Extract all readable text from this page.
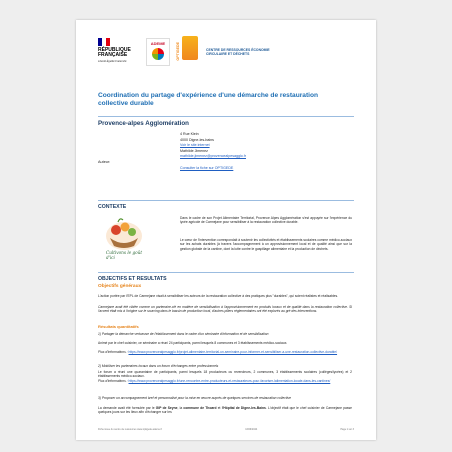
RÉPUBLIQUE
FRANÇAISE
Liberté Égalité Fraternité
ADEME	OPTIGEDE	CENTRE DE RESSOURCES ÉCONOMIE
CIRCULAIRE ET DÉCHETS
Coordination du partage d'expérience d'une démarche de restauration collective durable
Provence-alpes Agglomération
4 Rue Klein
4000 Digne-les-bains
Voir le site internet
Mathilde Jimenez
mathilde.jimenez@provencealpesagglo.fr
Consulter la fiche sur OPTIGEDE
Auteur:
CONTEXTE
Cultivons le goût d'ici

Dans le cadre de son Projet Alimentaire Territorial, Provence Alpes Agglomération s'est appuyée sur l'expérience du lycée agricole de Carmejane pour sensibiliser à la restauration collective durable.

Le cœur de l'intervention correspondait à soutenir les collectivités et établissements scolaires comme médico-sociaux sur les achats durables (à travers l'accompagnement à un approvisionnement local et de qualité ainsi que sur la gestion globale de la cantine, dont la lutte contre le gaspillage alimentaire et la production de déchets.

OBJECTIFS ET RESULTATS
Objectifs généraux

L'action portée par l'EPL de Carmejane visait à sensibiliser les acteurs de la restauration collective à des pratiques plus "durables", qui soient réalistes et réalisables.

Carmejane avait été ciblée comme un partenaire-clé en matière de sensibilisation à l'approvisionnement en produits locaux et de qualité dans la restauration collective. Si l'accent était mis à l'origine sur le sourcing dans le bassin de production local, d'autres piliers réglementaires ont été explorés au gré des interventions.

Résultats quantitatifs

1) Partager la démarche vertueuse de l'établissement dans le cadre d'un séminaire d'information et de sensibilisation

Animé par le chef cuisinier, ce séminaire a réuni 24 participants, parmi lesquels 8 communes et 3 établissements médico-sociaux.

Plus d'informations : https://www.provencealpesagglo.fr/projet-alimentaire-territorial-un-seminaire-pour-informer-et-sensibiliser-a-une-restauration-collective-durable/

2) Mobiliser les partenaires locaux dans un forum d'échanges entre professionnels

Le forum a réuni une quarantaine de participants, parmi lesquels 18 producteurs ou revendeurs, 2 communes, 3 établissements scolaires (collèges/lycées) et 2 établissements médico-sociaux.

Plus d'informations : https://www.provencealpesagglo.fr/une-rencontre-entre-producteurs-et-restaurateurs-pour-favoriser-lalimentation-locale-dans-les-cantines/

3) Proposer un accompagnement bref et personnalisé pour la mise en œuvre auprès de quelques services de restauration collective

La demande avait été formulée par le GIP de Seyne, la commune de Thoard et l'Hôpital de Digne-les-Bains. L'objectif était que le chef cuisinier de Carmejane passe quelques jours sur les lieux afin d'échanger sur les

Fiche issue du centre de ressources www.optigede.ademe.fr	16/09/2024	Page 1 sur 3
